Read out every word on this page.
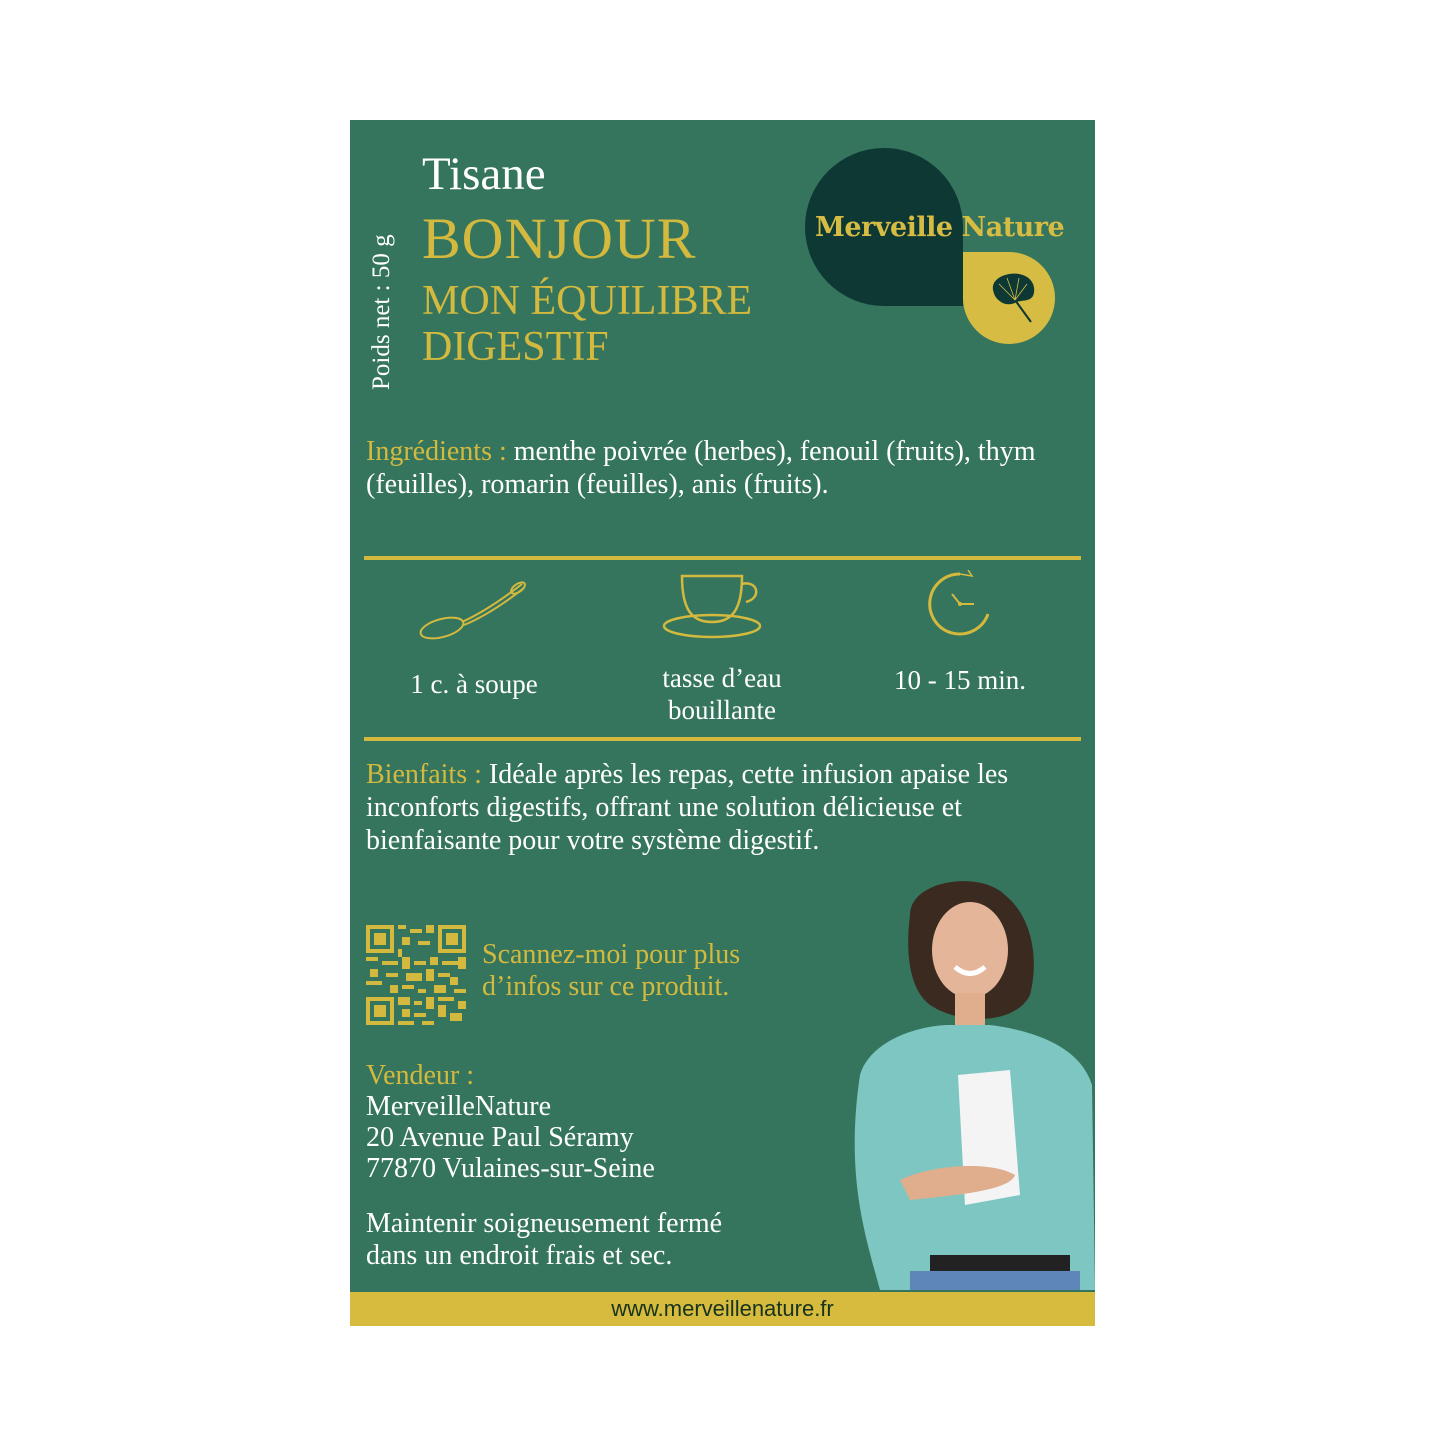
Poids net : 50 g
Tisane
BONJOUR
MON ÉQUILIBRE
DIGESTIF
Merveille Nature
Ingrédients : menthe poivrée (herbes), fenouil (fruits), thym (feuilles), romarin (feuilles), anis (fruits).
1 c. à soupe	tasse d’eau bouillante
10 - 15 min.
Bienfaits : Idéale après les repas, cette infusion apaise les inconforts digestifs, offrant une solution délicieuse et bienfaisante pour votre système digestif.
Scannez-moi pour plus
d’infos sur ce produit.
Vendeur :
MerveilleNature
20 Avenue Paul Séramy
77870 Vulaines-sur-Seine
Maintenir soigneusement fermé
dans un endroit frais et sec.
www.merveillenature.fr
